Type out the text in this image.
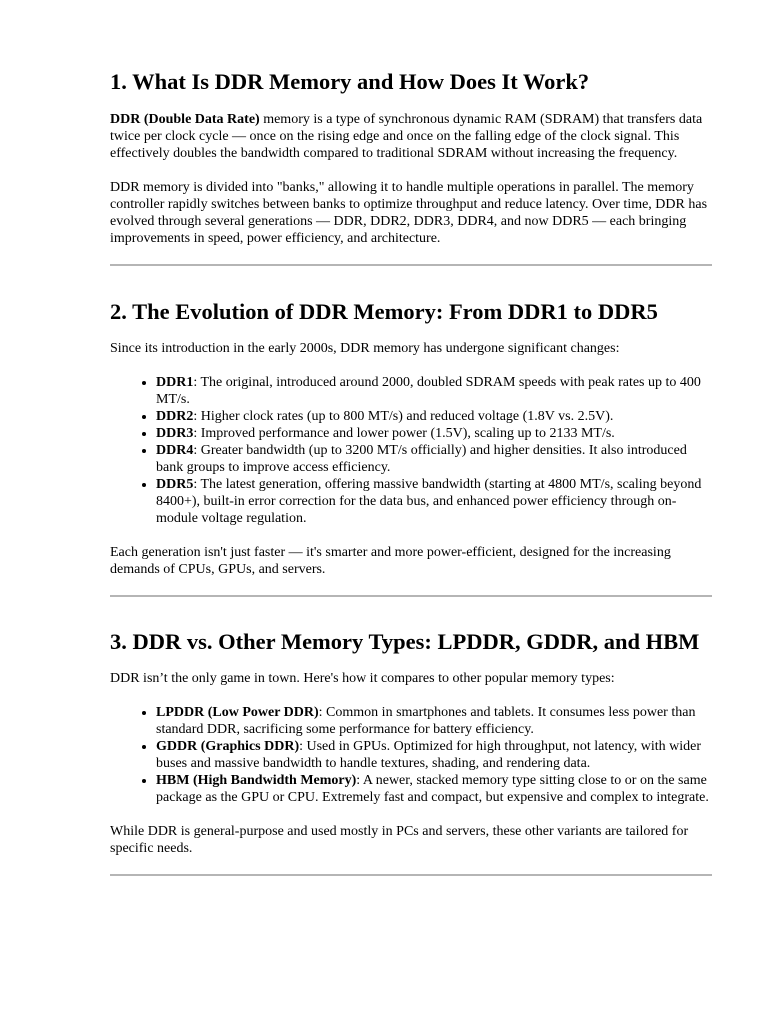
1. What Is DDR Memory and How Does It Work?

DDR (Double Data Rate) memory is a type of synchronous dynamic RAM (SDRAM) that transfers data twice per clock cycle — once on the rising edge and once on the falling edge of the clock signal. This effectively doubles the bandwidth compared to traditional SDRAM without increasing the frequency.

DDR memory is divided into "banks," allowing it to handle multiple operations in parallel. The memory controller rapidly switches between banks to optimize throughput and reduce latency. Over time, DDR has evolved through several generations — DDR, DDR2, DDR3, DDR4, and now DDR5 — each bringing improvements in speed, power efficiency, and architecture.

2. The Evolution of DDR Memory: From DDR1 to DDR5

Since its introduction in the early 2000s, DDR memory has undergone significant changes:

• DDR1: The original, introduced around 2000, doubled SDRAM speeds with peak rates up to 400 MT/s.
• DDR2: Higher clock rates (up to 800 MT/s) and reduced voltage (1.8V vs. 2.5V).
• DDR3: Improved performance and lower power (1.5V), scaling up to 2133 MT/s.
• DDR4: Greater bandwidth (up to 3200 MT/s officially) and higher densities. It also introduced bank groups to improve access efficiency.
• DDR5: The latest generation, offering massive bandwidth (starting at 4800 MT/s, scaling beyond 8400+), built-in error correction for the data bus, and enhanced power efficiency through on-module voltage regulation.

Each generation isn't just faster — it's smarter and more power-efficient, designed for the increasing demands of CPUs, GPUs, and servers.

3. DDR vs. Other Memory Types: LPDDR, GDDR, and HBM

DDR isn’t the only game in town. Here's how it compares to other popular memory types:

• LPDDR (Low Power DDR): Common in smartphones and tablets. It consumes less power than standard DDR, sacrificing some performance for battery efficiency.
• GDDR (Graphics DDR): Used in GPUs. Optimized for high throughput, not latency, with wider buses and massive bandwidth to handle textures, shading, and rendering data.
• HBM (High Bandwidth Memory): A newer, stacked memory type sitting close to or on the same package as the GPU or CPU. Extremely fast and compact, but expensive and complex to integrate.

While DDR is general-purpose and used mostly in PCs and servers, these other variants are tailored for specific needs.
